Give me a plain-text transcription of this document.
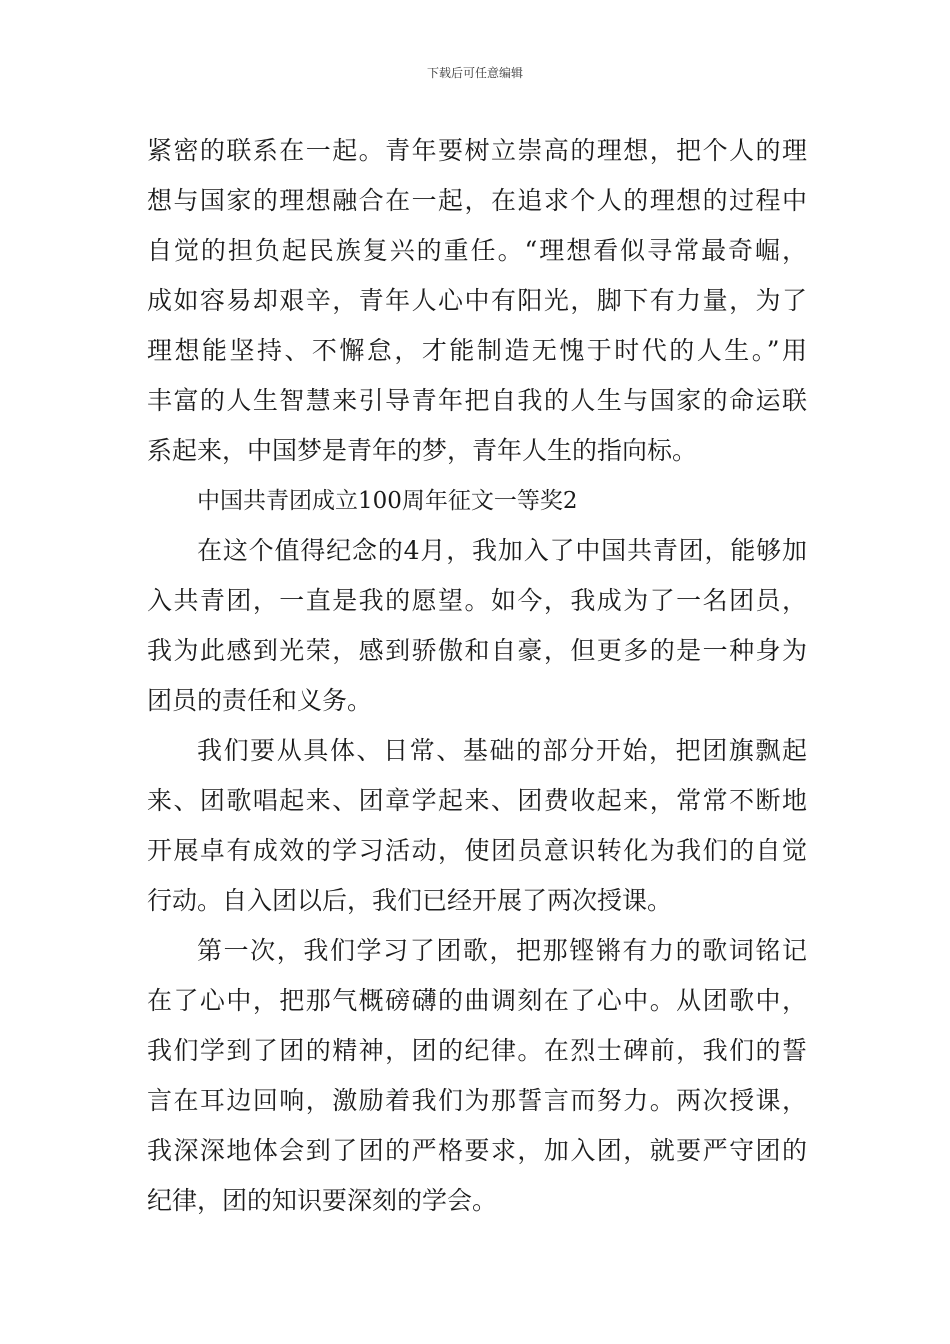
下载后可任意编辑
紧密的联系在一起。青年要树立崇高的理想，把个人的理
想与国家的理想融合在一起，在追求个人的理想的过程中
自觉的担负起民族复兴的重任。“理想看似寻常最奇崛，
成如容易却艰辛，青年人心中有阳光，脚下有力量，为了
理想能坚持、不懈怠，才能制造无愧于时代的人生。”用
丰富的人生智慧来引导青年把自我的人生与国家的命运联
系起来，中国梦是青年的梦，青年人生的指向标。
中国共青团成立100周年征文一等奖2
在这个值得纪念的4月，我加入了中国共青团，能够加
入共青团，一直是我的愿望。如今，我成为了一名团员，
我为此感到光荣，感到骄傲和自豪，但更多的是一种身为
团员的责任和义务。
我们要从具体、日常、基础的部分开始，把团旗飘起
来、团歌唱起来、团章学起来、团费收起来，常常不断地
开展卓有成效的学习活动，使团员意识转化为我们的自觉
行动。自入团以后，我们已经开展了两次授课。
第一次，我们学习了团歌，把那铿锵有力的歌词铭记
在了心中，把那气概磅礴的曲调刻在了心中。从团歌中，
我们学到了团的精神，团的纪律。在烈士碑前，我们的誓
言在耳边回响，激励着我们为那誓言而努力。两次授课，
我深深地体会到了团的严格要求，加入团，就要严守团的
纪律，团的知识要深刻的学会。
